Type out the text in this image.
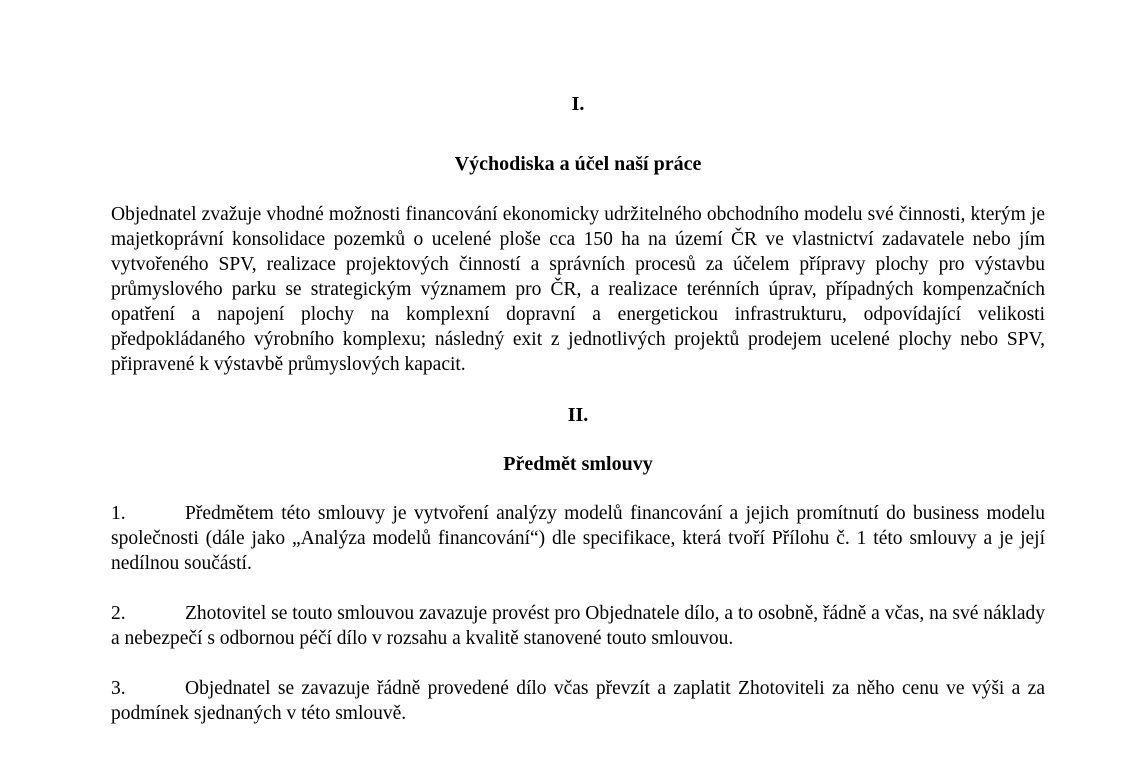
I.

Východiska a účel naší práce

Objednatel zvažuje vhodné možnosti financování ekonomicky udržitelného obchodního modelu své činnosti, kterým je majetkoprávní konsolidace pozemků o ucelené ploše cca 150 ha na území ČR ve vlastnictví zadavatele nebo jím vytvořeného SPV, realizace projektových činností a správních procesů za účelem přípravy plochy pro výstavbu průmyslového parku se strategickým významem pro ČR, a realizace terénních úprav, případných kompenzačních opatření a napojení plochy na komplexní dopravní a energetickou infrastrukturu, odpovídající velikosti předpokládaného výrobního komplexu; následný exit z jednotlivých projektů prodejem ucelené plochy nebo SPV, připravené k výstavbě průmyslových kapacit.

II.

Předmět smlouvy

1.	Předmětem této smlouvy je vytvoření analýzy modelů financování a jejich promítnutí do business modelu společnosti (dále jako „Analýza modelů financování“) dle specifikace, která tvoří Přílohu č. 1 této smlouvy a je její nedílnou součástí.

2.	Zhotovitel se touto smlouvou zavazuje provést pro Objednatele dílo, a to osobně, řádně a včas, na své náklady a nebezpečí s odbornou péčí dílo v rozsahu a kvalitě stanovené touto smlouvou.

3.	Objednatel se zavazuje řádně provedené dílo včas převzít a zaplatit Zhotoviteli za něho cenu ve výši a za podmínek sjednaných v této smlouvě.
